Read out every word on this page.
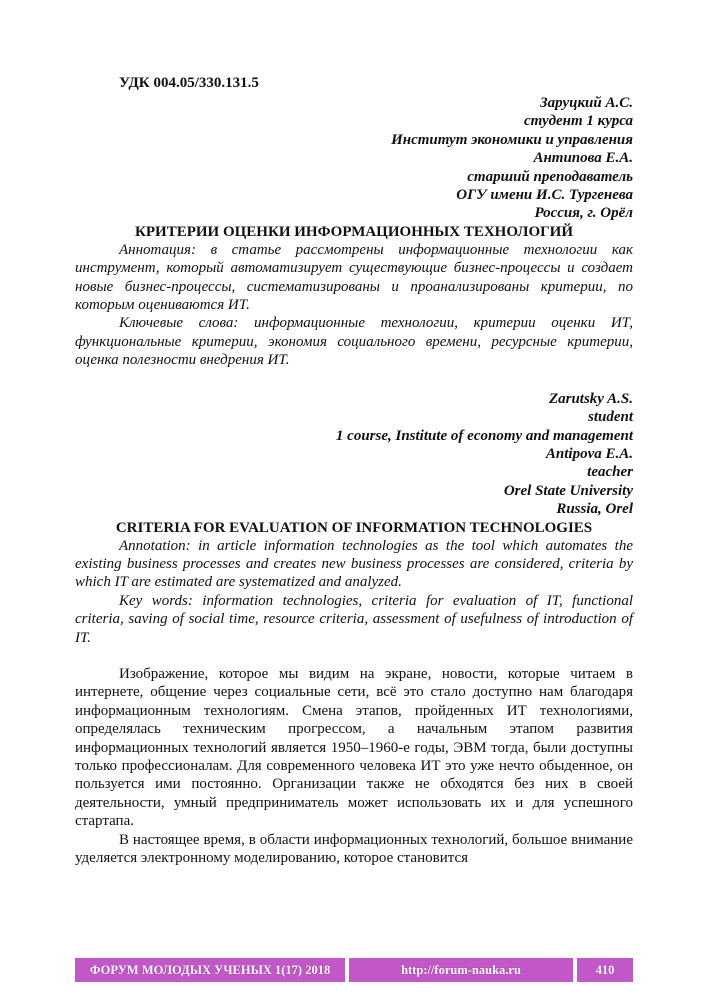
УДК 004.05/330.131.5
Заруцкий А.С.
студент 1 курса
Институт экономики и управления
Антипова Е.А.
старший преподаватель
ОГУ имени И.С. Тургенева
Россия, г. Орёл
КРИТЕРИИ ОЦЕНКИ ИНФОРМАЦИОННЫХ ТЕХНОЛОГИЙ

Аннотация: в статье рассмотрены информационные технологии как инструмент, который автоматизирует существующие бизнес-процессы и создает новые бизнес-процессы, систематизированы и проанализированы критерии, по которым оцениваются ИТ.

Ключевые слова: информационные технологии, критерии оценки ИТ, функциональные критерии, экономия социального времени, ресурсные критерии, оценка полезности внедрения ИТ.

Zarutsky A.S.
student
1 course, Institute of economy and management
Antipova E.A.
teacher
Orel State University
Russia, Orel
CRITERIA FOR EVALUATION OF INFORMATION TECHNOLOGIES

Annotation: in article information technologies as the tool which automates the existing business processes and creates new business processes are considered, criteria by which IT are estimated are systematized and analyzed.

Key words: information technologies, criteria for evaluation of IT, functional criteria, saving of social time, resource criteria, assessment of usefulness of introduction of IT.

Изображение, которое мы видим на экране, новости, которые читаем в интернете, общение через социальные сети, всё это стало доступно нам благодаря информационным технологиям. Смена этапов, пройденных ИТ технологиями, определялась техническим прогрессом, а начальным этапом развития информационных технологий является 1950–1960-е годы, ЭВМ тогда, были доступны только профессионалам. Для современного человека ИТ это уже нечто обыденное, он пользуется ими постоянно. Организации также не обходятся без них в своей деятельности, умный предприниматель может использовать их и для успешного стартапа.

В настоящее время, в области информационных технологий, большое внимание уделяется электронному моделированию, которое становится

ФОРУМ МОЛОДЫХ УЧЕНЫХ 1(17) 2018	http://forum-nauka.ru	410
